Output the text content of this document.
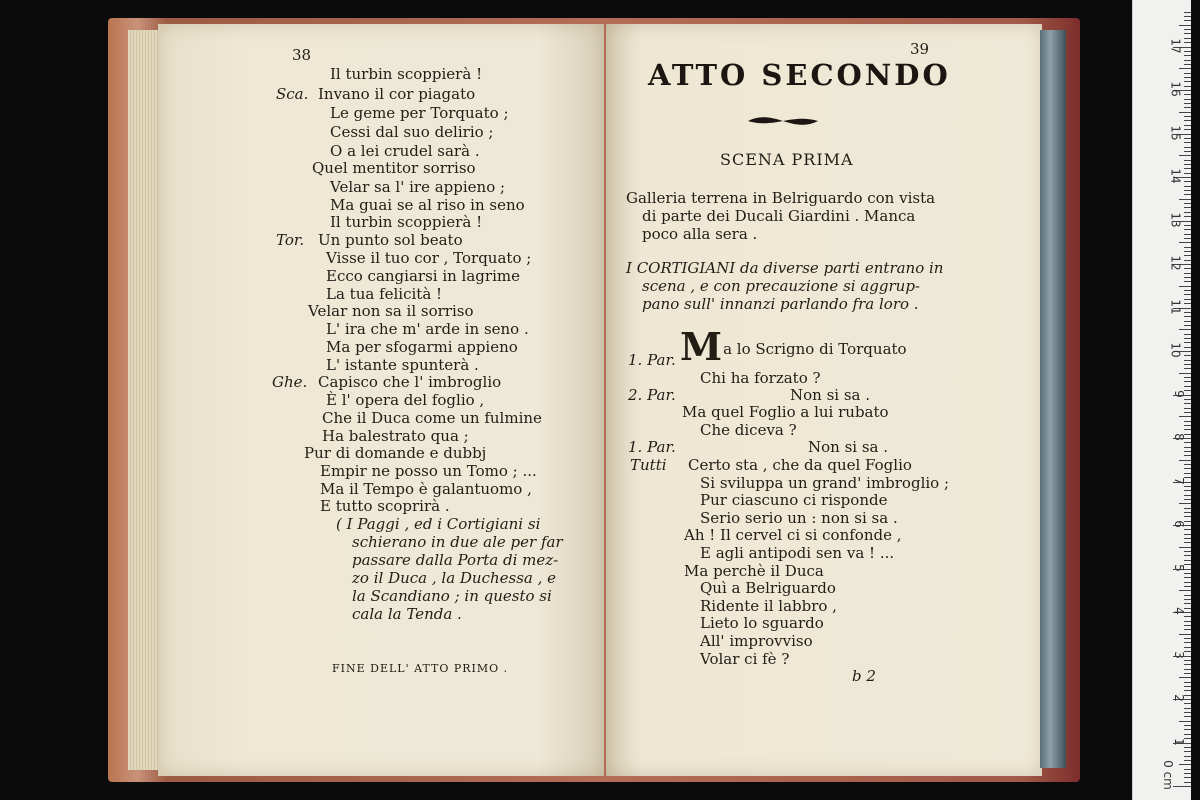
Il turbin scoppierà !
Sca. Invano il cor piagato
Le geme per Torquato ;
Cessi dal suo delirio ;
O a lei crudel sarà .
Quel mentitor sorriso
Velar sa l' ire appieno ;
Ma guai se al riso in seno
Il turbin scoppierà !
Tor. Un punto sol beato
Visse il tuo cor , Torquato ;
Ecco cangiarsi in lagrime
La tua felicità !
Velar non sa il sorriso
L' ira che m' arde in seno .
Ma per sfogarmi appieno
L' istante spunterà .
Ghe. Capisco che l' imbroglio
È l' opera del foglio ,
Che il Duca come un fulmine
Ha balestrato qua ;
Pur di domande e dubbj
Empir ne posso un Tomo ; ...
Ma il Tempo è galantuomo ,
E tutto scoprirà .
( I Paggi , ed i Cortigiani si
schierano in due ale per far
passare dalla Porta di mez-
zo il Duca , la Duchessa , e
la Scandiano ; in questo si
cala la Tenda .
38
FINE DELL' ATTO PRIMO .
39
ATTO SECONDO
SCENA PRIMA
Galleria terrena in Belriguardo con vista
di parte dei Ducali Giardini . Manca
poco alla sera .
I CORTIGIANI da diverse parti entrano in
scena , e con precauzione si aggrup-
pano sull' innanzi parlando fra loro .
1. Par. Ma lo Scrigno di Torquato
Chi ha forzato ?
2. Par.	Non si sa .
Ma quel Foglio a lui rubato
Che diceva ?
1. Par.	Non si sa .
Tutti Certo sta , che da quel Foglio
Si sviluppa un grand' imbroglio ;
Pur ciascuno ci risponde
Serio serio un : non si sa .
Ah ! Il cervel ci si confonde ,
E agli antipodi sen va ! ...
Ma perchè il Duca
Quì a Belriguardo
Ridente il labbro ,
Lieto lo sguardo
All' improvviso
Volar ci fè ?
b 2
0 cm
1
2
3
4
5
6
7
8
9
10
11
12
13
14
15
16
17
